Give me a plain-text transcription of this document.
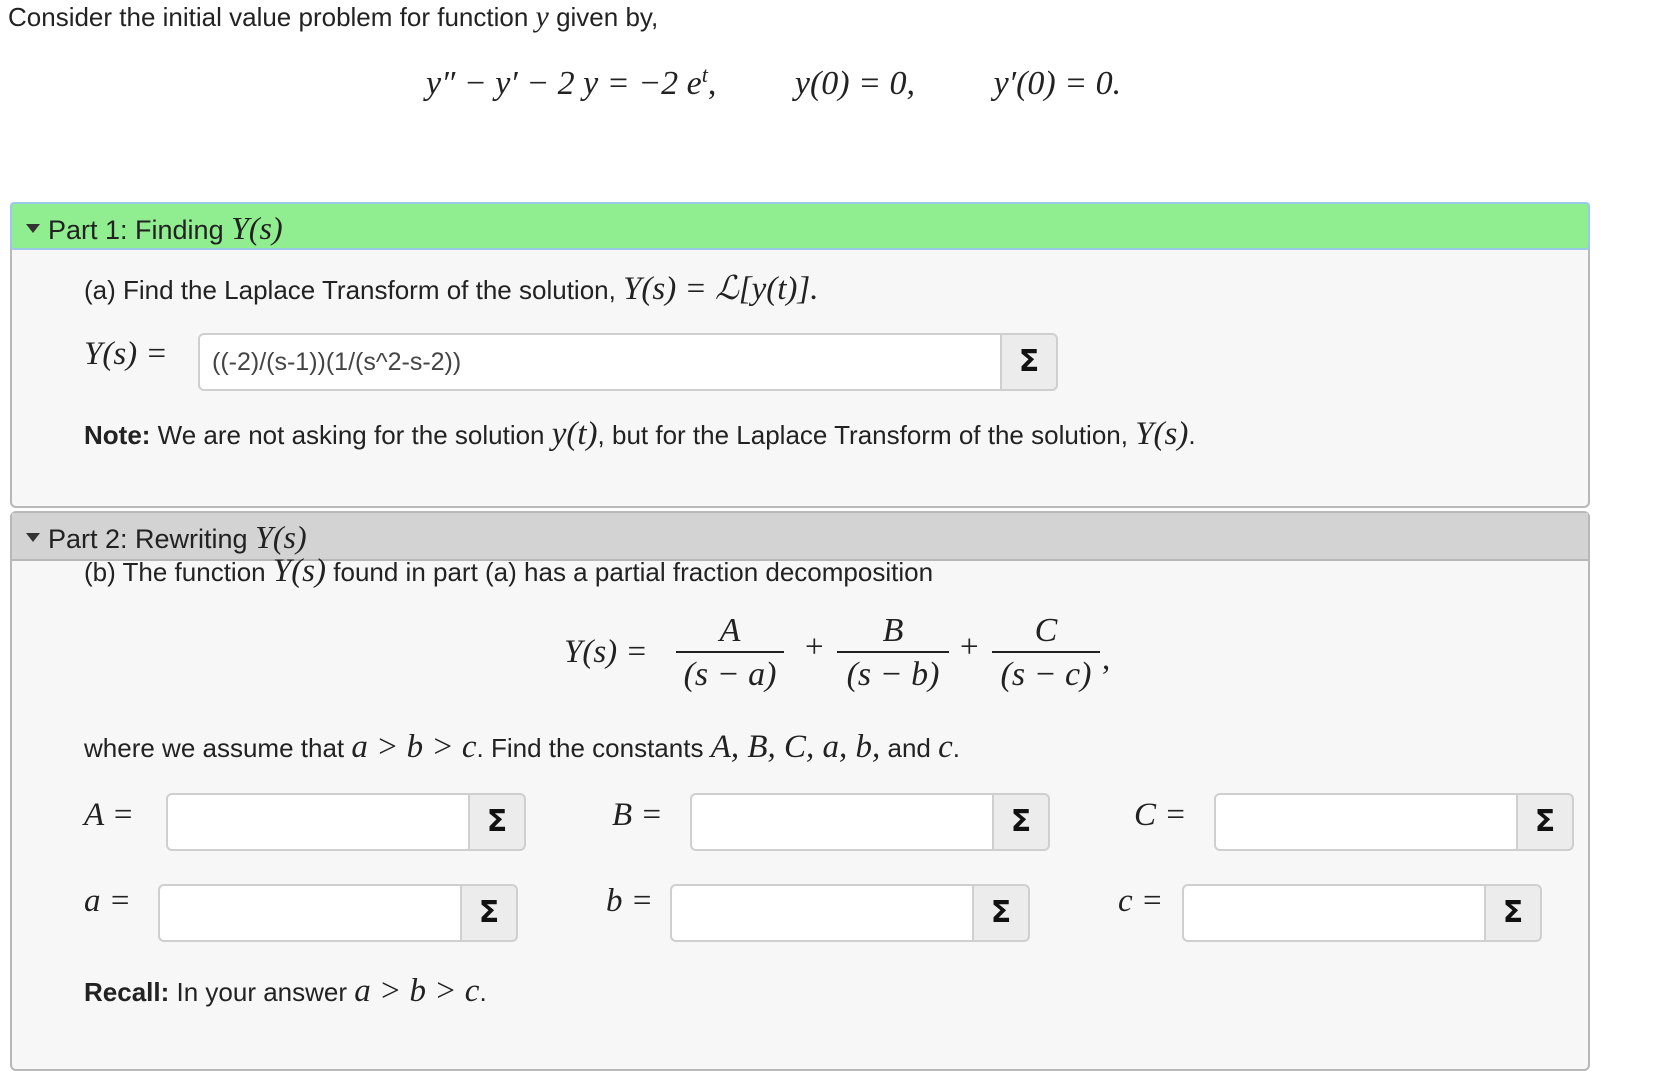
Consider the initial value problem for function y given by,
y″ − y′ − 2 y = −2 $e^t$, y(0) = 0, y′(0) = 0.
Part 1: Finding Y(s)
(a) Find the Laplace Transform of the solution, Y(s) = ℒ[y(t)].
Y(s) =	((-2)/(s-1))(1/(s^2-s-2))	Σ
Note: We are not asking for the solution y(t), but for the Laplace Transform of the solution, Y(s).
Part 2: Rewriting Y(s)
(b) The function Y(s) found in part (a) has a partial fraction decomposition
Y(s) =
A
(s − a)
+	B
(s − b)
+	C
(s − c) ,
where we assume that a > b > c. Find the constants A, B, C, a, b, and c.
A =	Σ	B =	Σ	C =	Σ
a =	Σ	b =	Σ	c =	Σ
Recall: In your answer a > b > c.
